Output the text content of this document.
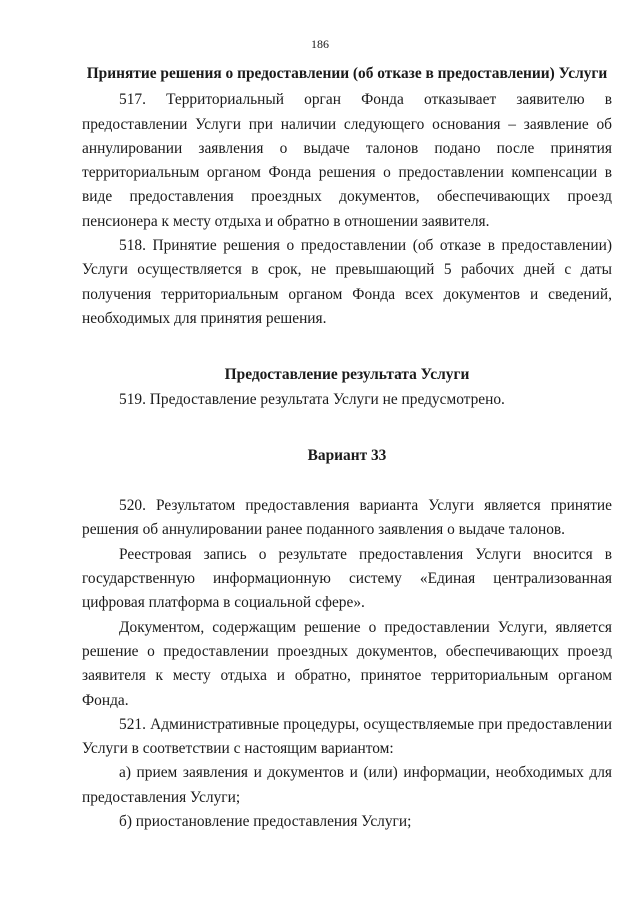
186
Принятие решения о предоставлении (об отказе в предоставлении) Услуги

517. Территориальный орган Фонда отказывает заявителю в предоставлении Услуги при наличии следующего основания – заявление об аннулировании заявления о выдаче талонов подано после принятия территориальным органом Фонда решения о предоставлении компенсации в виде предоставления проездных документов, обеспечивающих проезд пенсионера к месту отдыха и обратно в отношении заявителя.

518. Принятие решения о предоставлении (об отказе в предоставлении) Услуги осуществляется в срок, не превышающий 5 рабочих дней с даты получения территориальным органом Фонда всех документов и сведений, необходимых для принятия решения.

Предоставление результата Услуги

519. Предоставление результата Услуги не предусмотрено.

Вариант 33

520. Результатом предоставления варианта Услуги является принятие решения об аннулировании ранее поданного заявления о выдаче талонов.

Реестровая запись о результате предоставления Услуги вносится в государственную информационную систему «Единая централизованная цифровая платформа в социальной сфере».

Документом, содержащим решение о предоставлении Услуги, является решение о предоставлении проездных документов, обеспечивающих проезд заявителя к месту отдыха и обратно, принятое территориальным органом Фонда.

521. Административные процедуры, осуществляемые при предоставлении Услуги в соответствии с настоящим вариантом:

а) прием заявления и документов и (или) информации, необходимых для предоставления Услуги;

б) приостановление предоставления Услуги;
